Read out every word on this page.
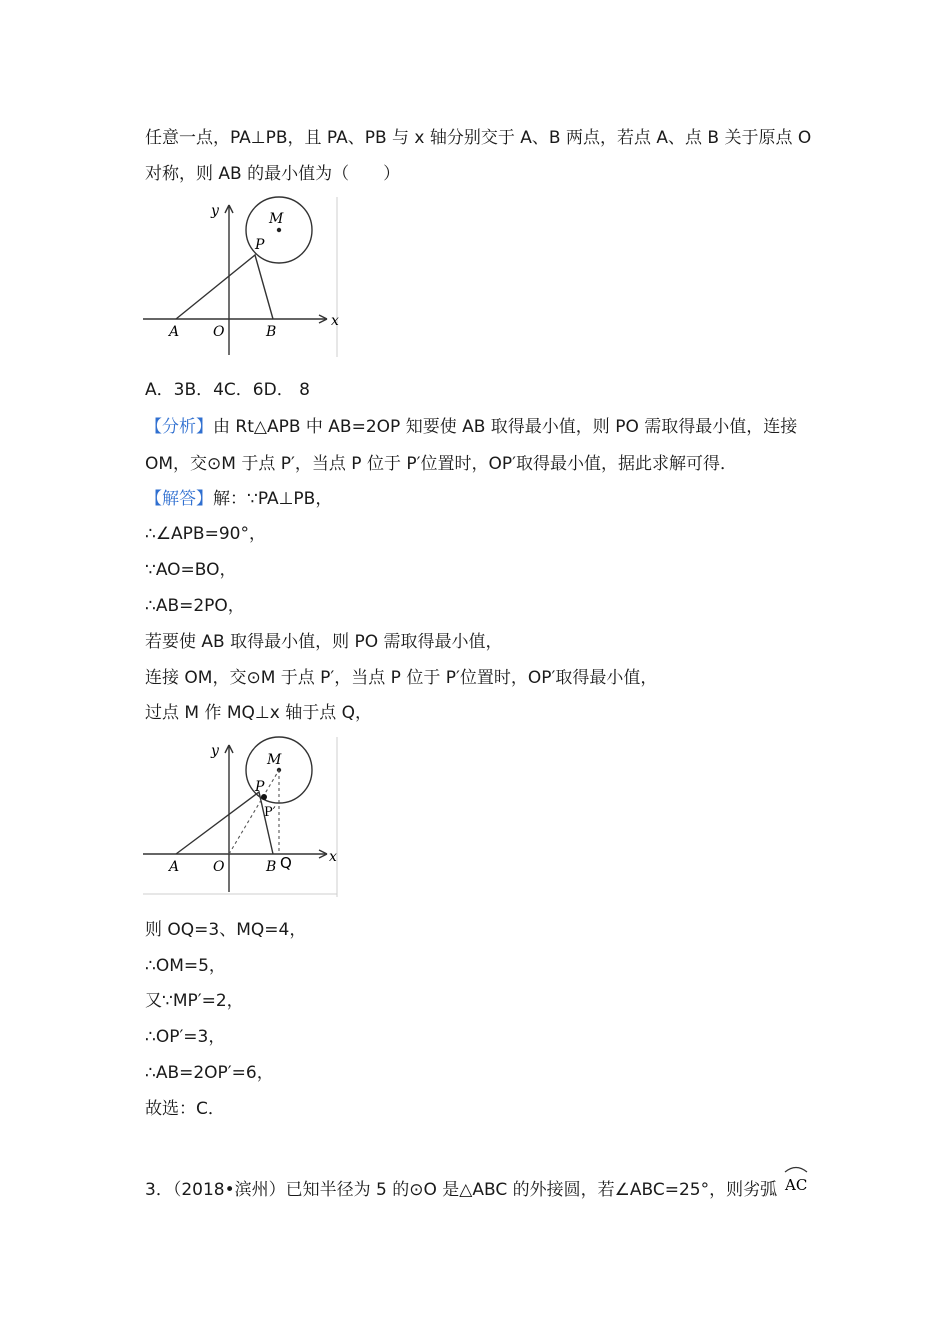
任意一点，PA⊥PB，且 PA、PB 与 x 轴分别交于 A、B 两点，若点 A、点 B 关于原点 O

对称，则 AB 的最小值为（　　）

y
x
M
P
A O	B

A．3B．4C．6D． 8

【分析】由 Rt△APB 中 AB=2OP 知要使 AB 取得最小值，则 PO 需取得最小值，连接

OM，交⊙M 于点 P′，当点 P 位于 P′位置时，OP′取得最小值，据此求解可得．

【解答】解：∵PA⊥PB，

∴∠APB=90°，

∵AO=BO，

∴AB=2PO，

若要使 AB 取得最小值，则 PO 需取得最小值，

连接 OM，交⊙M 于点 P′，当点 P 位于 P′位置时，OP′取得最小值，

过点 M 作 MQ⊥x 轴于点 Q，

y
x
M
P
P′
A O	B Q

则 OQ=3、MQ=4，

∴OM=5，

又∵MP′=2，

∴OP′=3，

∴AB=2OP′=6，

故选：C．

3．（2018•滨州）已知半径为 5 的⊙O 是△ABC 的外接圆，若∠ABC=25°，则劣弧 AC
